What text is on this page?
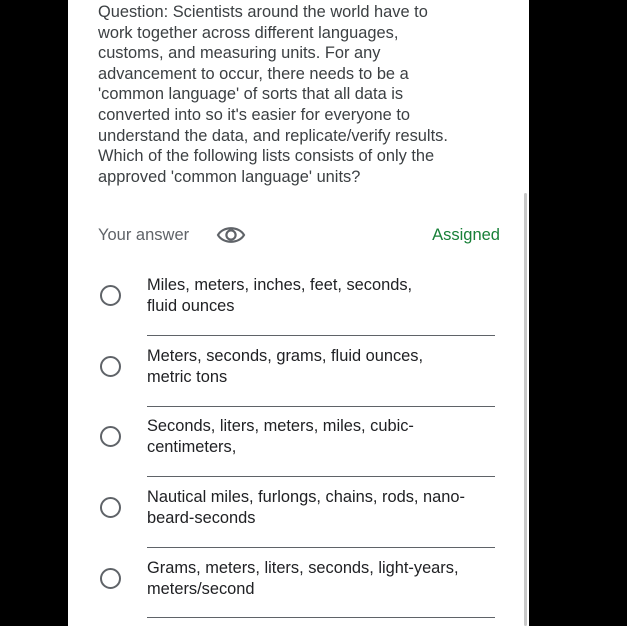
Question: Scientists around the world have to
work together across different languages,
customs, and measuring units. For any
advancement to occur, there needs to be a
'common language' of sorts that all data is
converted into so it's easier for everyone to
understand the data, and replicate/verify results.
Which of the following lists consists of only the
approved 'common language' units?

Your answer	Assigned
Miles, meters, inches, feet, seconds,
fluid ounces
Meters, seconds, grams, fluid ounces,
metric tons
Seconds, liters, meters, miles, cubic-
centimeters,
Nautical miles, furlongs, chains, rods, nano-
beard-seconds
Grams, meters, liters, seconds, light-years,
meters/second
